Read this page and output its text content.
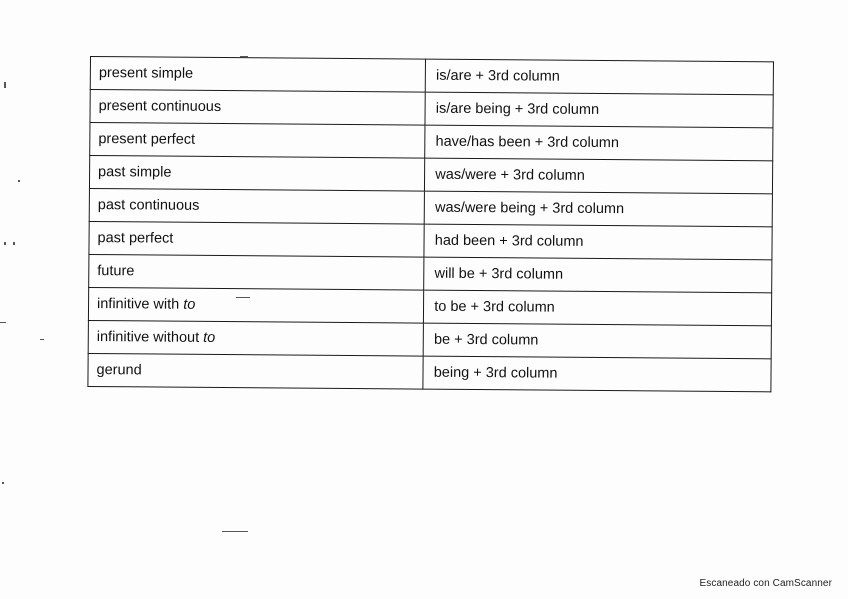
present simple	is/are + 3rd column
present continuous	is/are being + 3rd column
present perfect	have/has been + 3rd column
past simple	was/were + 3rd column
past continuous	was/were being + 3rd column
past perfect	had been + 3rd column
future	will be + 3rd column
infinitive with to	to be + 3rd column
infinitive without to	be + 3rd column
gerund	being + 3rd column
Escaneado con CamScanner
